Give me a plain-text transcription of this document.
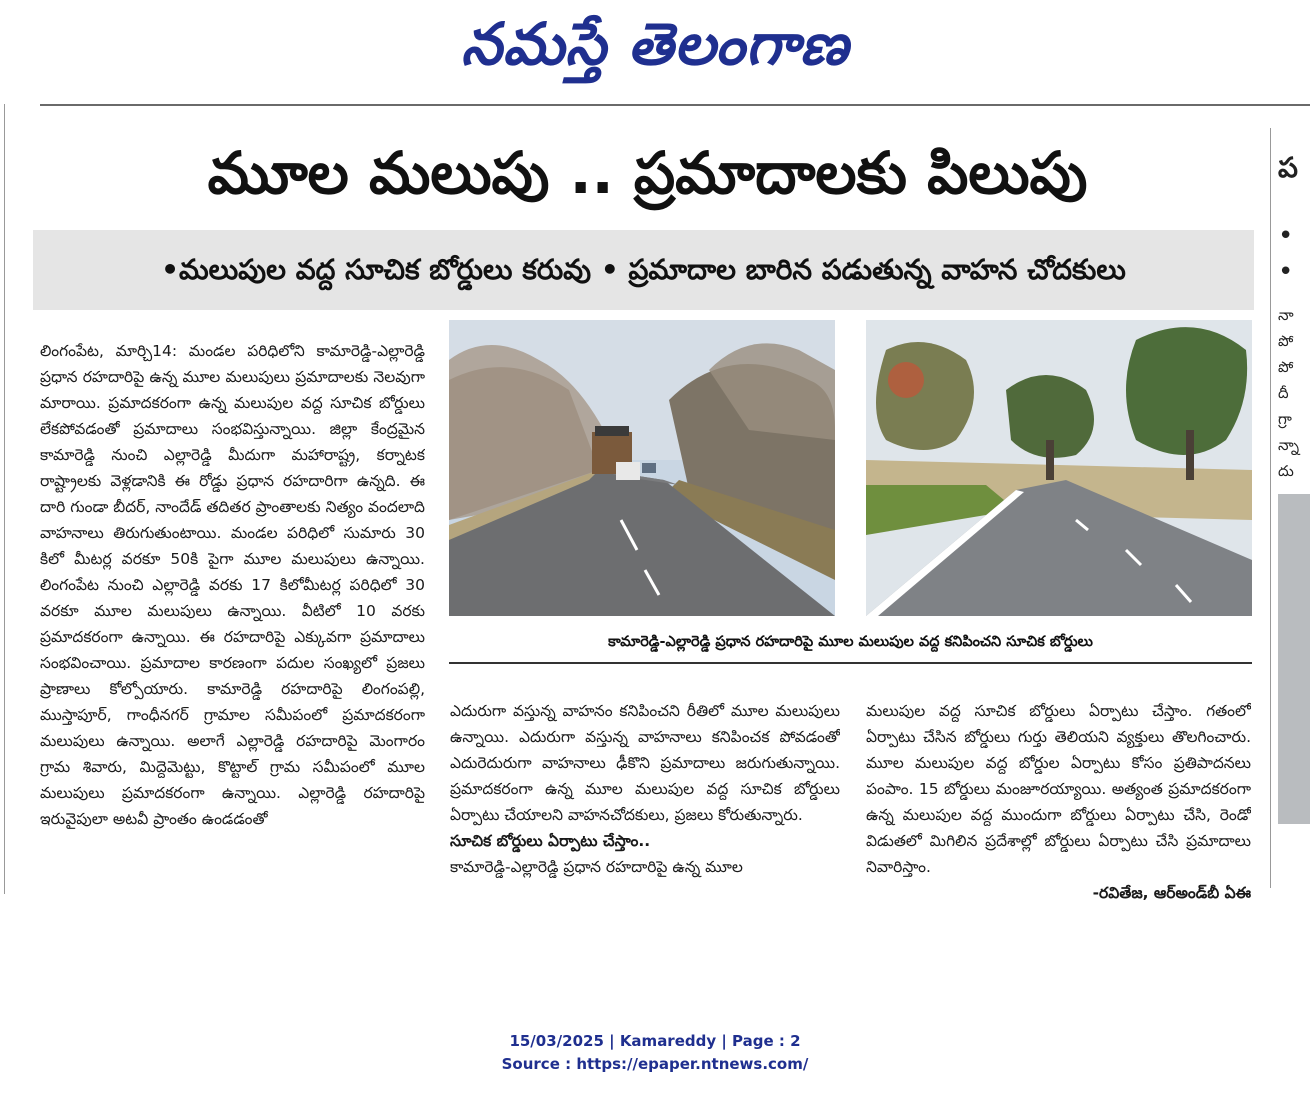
నమస్తే తెలంగాణ
మూల మలుపు .. ప్రమాదాలకు పిలుపు
•మలుపుల వద్ద సూచిక బోర్డులు కరువు • ప్రమాదాల బారిన పడుతున్న వాహన చోదకులు

లింగంపేట, మార్చి14: మండల పరిధిలోని కామారెడ్డి-ఎల్లారెడ్డి ప్రధాన రహదారిపై ఉన్న మూల మలుపులు ప్రమాదాలకు నెలవుగా మారాయి. ప్రమాదకరంగా ఉన్న మలుపుల వద్ద సూచిక బోర్డులు లేకపోవడంతో ప్రమాదాలు సంభవిస్తున్నాయి. జిల్లా కేంద్రమైన కామారెడ్డి నుంచి ఎల్లారెడ్డి మీదుగా మహారాష్ట్ర, కర్నాటక రాష్ట్రాలకు వెళ్లడానికి ఈ రోడ్డు ప్రధాన రహదారిగా ఉన్నది. ఈ దారి గుండా బీదర్, నాందేడ్ తదితర ప్రాంతాలకు నిత్యం వందలాది వాహనాలు తిరుగుతుంటాయి. మండల పరిధిలో సుమారు 30 కిలో మీటర్ల వరకూ 50కి పైగా మూల మలుపులు ఉన్నాయి. లింగంపేట నుంచి ఎల్లారెడ్డి వరకు 17 కిలోమీటర్ల పరిధిలో 30 వరకూ మూల మలుపులు ఉన్నాయి. వీటిలో 10 వరకు ప్రమాదకరంగా ఉన్నాయి. ఈ రహదారిపై ఎక్కువగా ప్రమాదాలు సంభవించాయి. ప్రమాదాల కారణంగా పదుల సంఖ్యలో ప్రజలు ప్రాణాలు కోల్పోయారు. కామారెడ్డి రహదారిపై లింగంపల్లి, ముస్తాపూర్, గాంధీనగర్ గ్రామాల సమీపంలో ప్రమాదకరంగా మలుపులు ఉన్నాయి. అలాగే ఎల్లారెడ్డి రహదారిపై మెంగారం గ్రామ శివారు, మిద్దెమెట్టు, కొట్టాల్ గ్రామ సమీపంలో మూల మలుపులు ప్రమాదకరంగా ఉన్నాయి. ఎల్లారెడ్డి రహదారిపై ఇరువైపులా అటవీ ప్రాంతం ఉండడంతో

కామారెడ్డి-ఎల్లారెడ్డి ప్రధాన రహదారిపై మూల మలుపుల వద్ద కనిపించని సూచిక బోర్డులు

ఎదురుగా వస్తున్న వాహనం కనిపించని రీతిలో మూల మలుపులు ఉన్నాయి. ఎదురుగా వస్తున్న వాహనాలు కనిపించక పోవడంతో ఎదురెదురుగా వాహనాలు ఢీకొని ప్రమాదాలు జరుగుతున్నాయి. ప్రమాదకరంగా ఉన్న మూల మలుపుల వద్ద సూచిక బోర్డులు ఏర్పాటు చేయాలని వాహనచోదకులు, ప్రజలు కోరుతున్నారు.

సూచిక బోర్డులు ఏర్పాటు చేస్తాం..

కామారెడ్డి-ఎల్లారెడ్డి ప్రధాన రహదారిపై ఉన్న మూల

మలుపుల వద్ద సూచిక బోర్డులు ఏర్పాటు చేస్తాం. గతంలో ఏర్పాటు చేసిన బోర్డులు గుర్తు తెలియని వ్యక్తులు తొలగించారు. మూల మలుపుల వద్ద బోర్డుల ఏర్పాటు కోసం ప్రతిపాదనలు పంపాం. 15 బోర్డులు మంజూరయ్యాయి. అత్యంత ప్రమాదకరంగా ఉన్న మలుపుల వద్ద ముందుగా బోర్డులు ఏర్పాటు చేసి, రెండో విడుతలో మిగిలిన ప్రదేశాల్లో బోర్డులు ఏర్పాటు చేసి ప్రమాదాలు నివారిస్తాం.

-రవితేజ, ఆర్అండ్‌బీ ఏఈ

ప
•
•
నా
పో
పో
దీ
గ్రా
న్నా
దు
15/03/2025 | Kamareddy | Page : 2
Source : https://epaper.ntnews.com/
